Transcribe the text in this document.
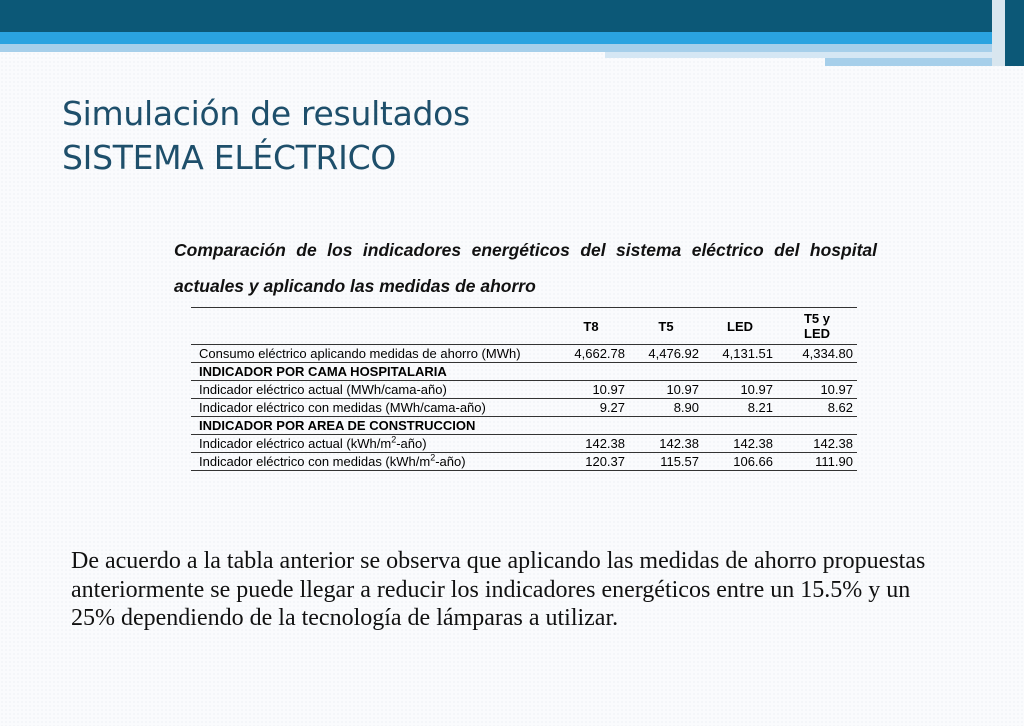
Simulación de resultados
SISTEMA ELÉCTRICO

Comparación de los indicadores energéticos del sistema eléctrico del hospital actuales y aplicando las medidas de ahorro

	T8	T5	LED	T5 y LED
Consumo eléctrico aplicando medidas de ahorro (MWh)	4,662.78	4,476.92	4,131.51	4,334.80
INDICADOR POR CAMA HOSPITALARIA				
Indicador eléctrico actual (MWh/cama-año)	10.97	10.97	10.97	10.97
Indicador eléctrico con medidas (MWh/cama-año)	9.27	8.90	8.21	8.62
INDICADOR POR AREA DE CONSTRUCCION				
Indicador eléctrico actual $(kWh/m^2-año)$	142.38	142.38	142.38	142.38
Indicador eléctrico con medidas $(kWh/m^2-año)$	120.37	115.57	106.66	111.90

De acuerdo a la tabla anterior se observa que aplicando las medidas de ahorro propuestas anteriormente se puede llegar a reducir los indicadores energéticos entre un 15.5% y un 25% dependiendo de la tecnología de lámparas a utilizar.
